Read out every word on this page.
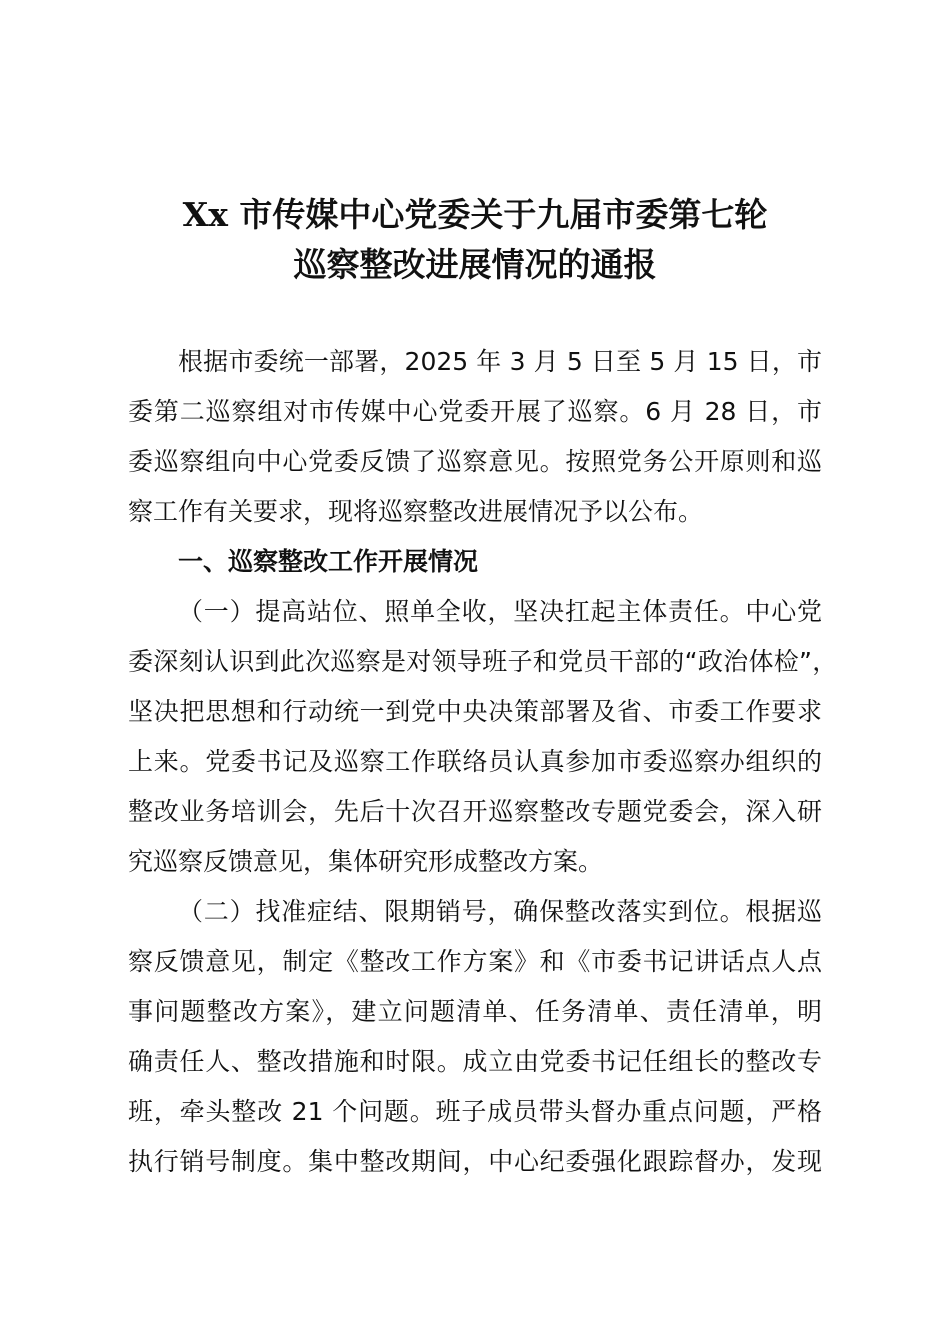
Xx 市传媒中心党委关于九届市委第七轮
巡察整改进展情况的通报
根据市委统一部署，2025 年 3 月 5 日至 5 月 15 日，市
委第二巡察组对市传媒中心党委开展了巡察。6 月 28 日，市
委巡察组向中心党委反馈了巡察意见。按照党务公开原则和巡
察工作有关要求，现将巡察整改进展情况予以公布。
一、巡察整改工作开展情况
（一）提高站位、照单全收，坚决扛起主体责任。中心党
委深刻认识到此次巡察是对领导班子和党员干部的“政治体检”，
坚决把思想和行动统一到党中央决策部署及省、市委工作要求
上来。党委书记及巡察工作联络员认真参加市委巡察办组织的
整改业务培训会，先后十次召开巡察整改专题党委会，深入研
究巡察反馈意见，集体研究形成整改方案。
（二）找准症结、限期销号，确保整改落实到位。根据巡
察反馈意见，制定《整改工作方案》和《市委书记讲话点人点
事问题整改方案》，建立问题清单、任务清单、责任清单，明
确责任人、整改措施和时限。成立由党委书记任组长的整改专
班，牵头整改 21 个问题。班子成员带头督办重点问题，严格
执行销号制度。集中整改期间，中心纪委强化跟踪督办，发现
